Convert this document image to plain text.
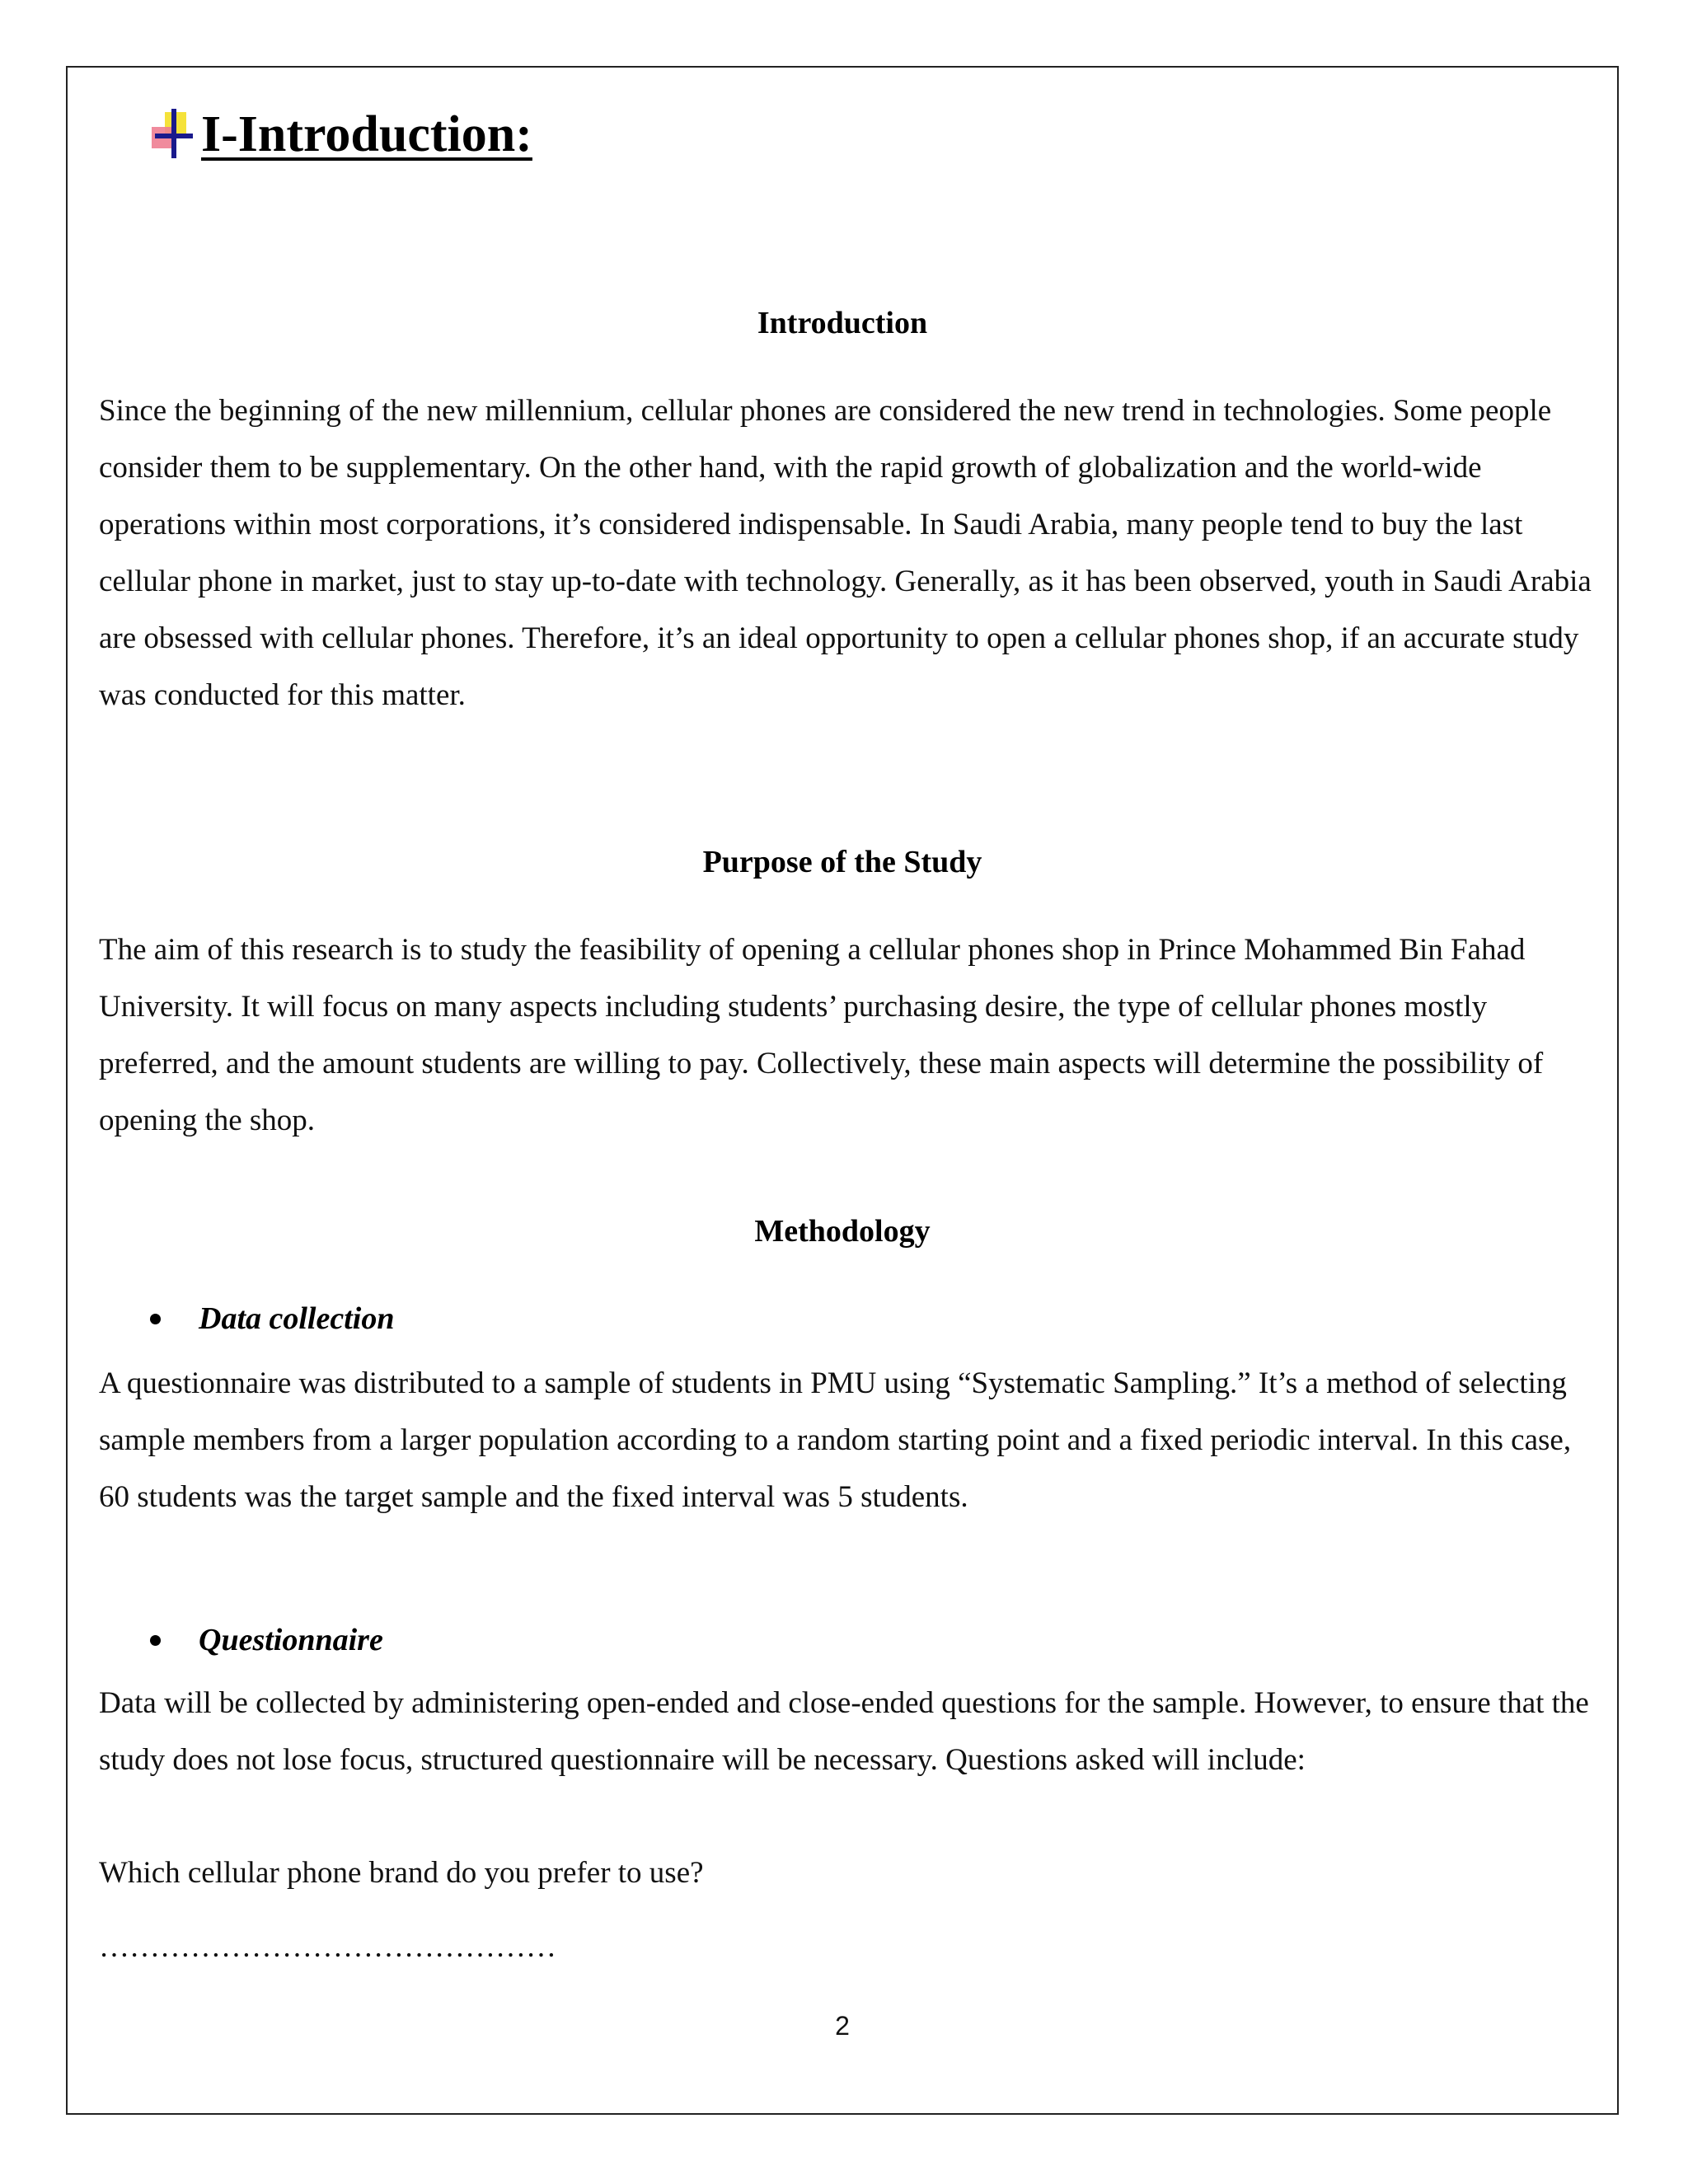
I-Introduction:
Introduction

Since the beginning of the new millennium, cellular phones are considered the new trend in technologies. Some people consider them to be supplementary. On the other hand, with the rapid growth of globalization and the world-wide operations within most corporations, it’s considered indispensable. In Saudi Arabia, many people tend to buy the last cellular phone in market, just to stay up-to-date with technology. Generally, as it has been observed, youth in Saudi Arabia are obsessed with cellular phones. Therefore, it’s an ideal opportunity to open a cellular phones shop, if an accurate study was conducted for this matter.

Purpose of the Study

The aim of this research is to study the feasibility of opening a cellular phones shop in Prince Mohammed Bin Fahad University. It will focus on many aspects including students’ purchasing desire, the type of cellular phones mostly preferred, and the amount students are willing to pay. Collectively, these main aspects will determine the possibility of opening the shop.

Methodology
Data collection

A questionnaire was distributed to a sample of students in PMU using “Systematic Sampling.” It’s a method of selecting sample members from a larger population according to a random starting point and a fixed periodic interval. In this case, 60 students was the target sample and the fixed interval was 5 students.

Questionnaire

Data will be collected by administering open-ended and close-ended questions for the sample. However, to ensure that the study does not lose focus, structured questionnaire will be necessary. Questions asked will include:

Which cellular phone brand do you prefer to use?
………………………………………
2
